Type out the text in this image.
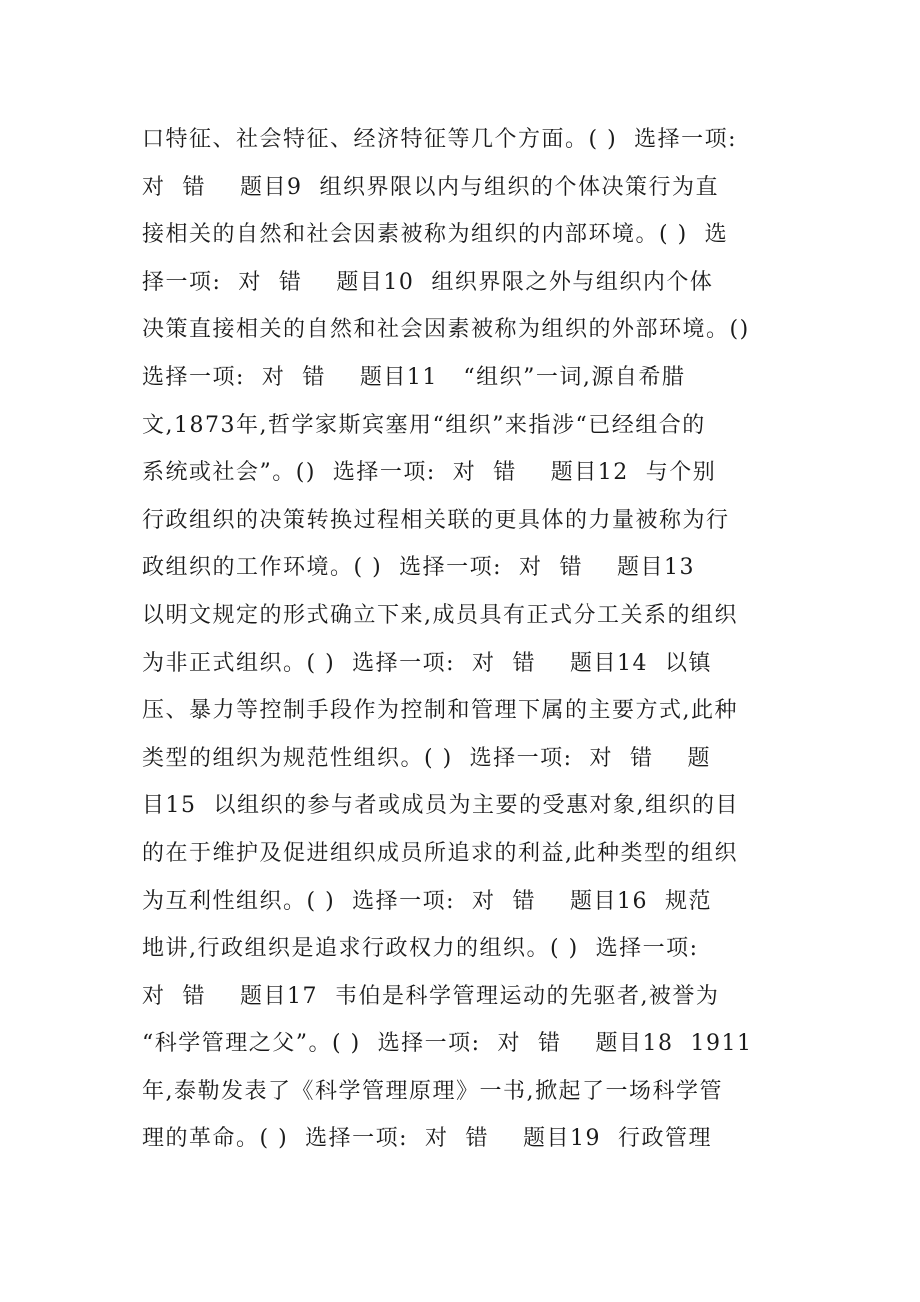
口特征、社会特征、经济特征等几个方面。( )  选择一项:
对  错    题目9  组织界限以内与组织的个体决策行为直
接相关的自然和社会因素被称为组织的内部环境。( )  选
择一项:  对  错    题目10  组织界限之外与组织内个体
决策直接相关的自然和社会因素被称为组织的外部环境。()
选择一项:  对  错    题目11   “组织”一词,源自希腊
文,1873年,哲学家斯宾塞用“组织”来指涉“已经组合的
系统或社会”。()  选择一项:  对  错    题目12  与个别
行政组织的决策转换过程相关联的更具体的力量被称为行
政组织的工作环境。( )  选择一项:  对  错    题目13
以明文规定的形式确立下来,成员具有正式分工关系的组织
为非正式组织。( )  选择一项:  对  错    题目14  以镇
压、暴力等控制手段作为控制和管理下属的主要方式,此种
类型的组织为规范性组织。( )  选择一项:  对  错    题
目15  以组织的参与者或成员为主要的受惠对象,组织的目
的在于维护及促进组织成员所追求的利益,此种类型的组织
为互利性组织。( )  选择一项:  对  错    题目16  规范
地讲,行政组织是追求行政权力的组织。( )  选择一项:
对  错    题目17  韦伯是科学管理运动的先驱者,被誉为
“科学管理之父”。( )  选择一项:  对  错    题目18  1911
年,泰勒发表了《科学管理原理》一书,掀起了一场科学管
理的革命。( )  选择一项:  对  错    题目19  行政管理
